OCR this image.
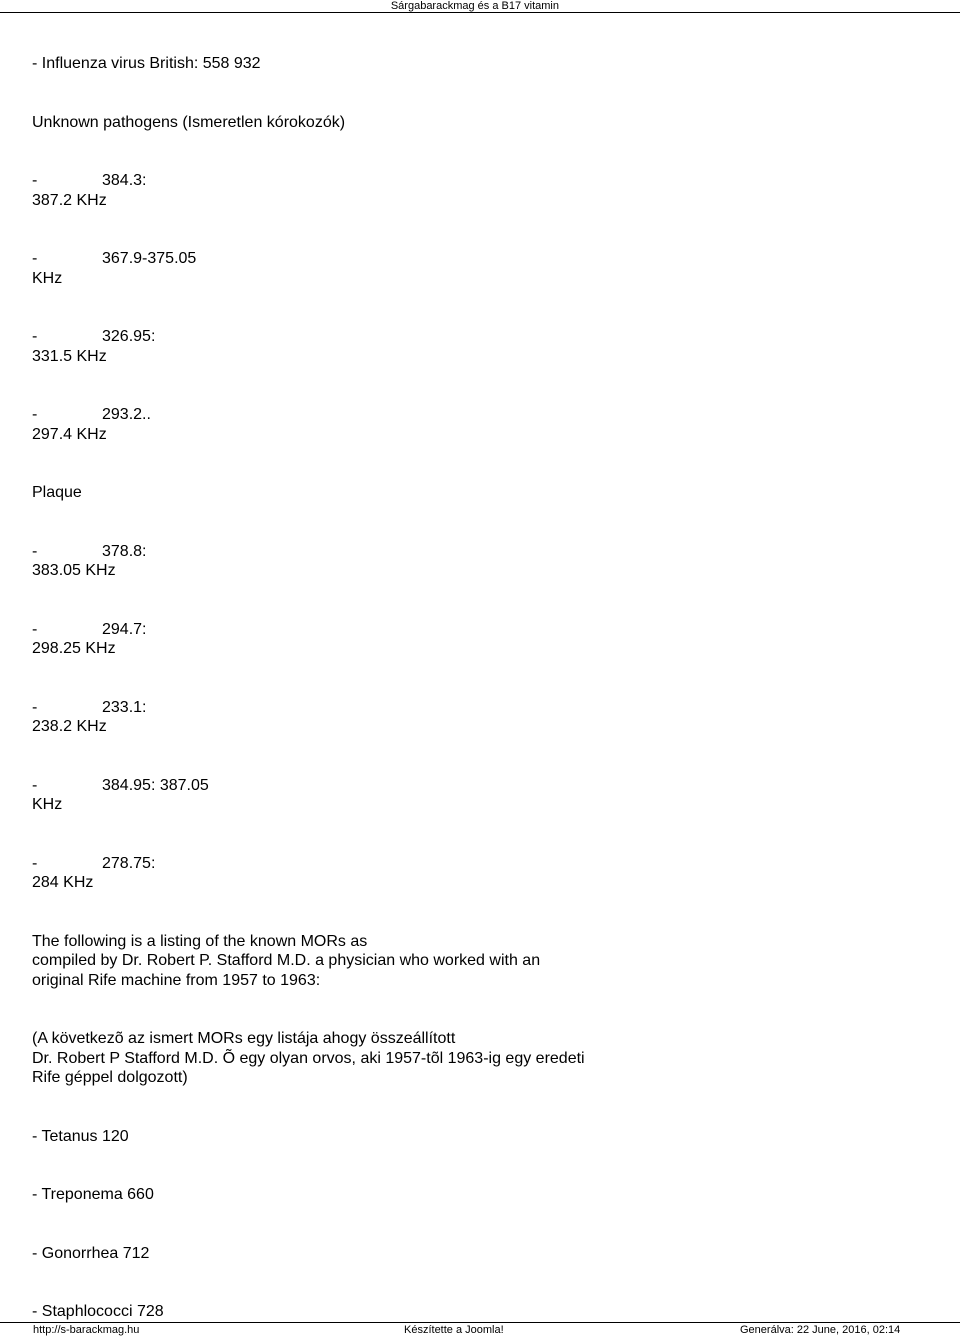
Sárgabarackmag és a B17 vitamin

- Influenza virus British: 558 932

Unknown pathogens (Ismeretlen kórokozók)

-	384.3:
387.2 KHz
-	367.9-375.05
KHz
-	326.95:
331.5 KHz
-	293.2..
297.4 KHz

Plaque

-	378.8:
383.05 KHz
-	294.7:
298.25 KHz
-	233.1:
238.2 KHz
-	384.95: 387.05
KHz
-	278.75:
284 KHz
The following is a listing of the known MORs as
compiled by Dr. Robert P. Stafford M.D. a physician who worked with an
original Rife machine from 1957 to 1963:
(A következõ az ismert MORs egy listája ahogy összeállított
Dr. Robert P Stafford M.D. Õ egy olyan orvos, aki 1957-tõl 1963-ig egy eredeti
Rife géppel dolgozott)

- Tetanus 120

- Treponema 660

- Gonorrhea 712

- Staphlococci 728

http://s-barackmag.hu	Készítette a Joomla!	Generálva: 22 June, 2016, 02:14
